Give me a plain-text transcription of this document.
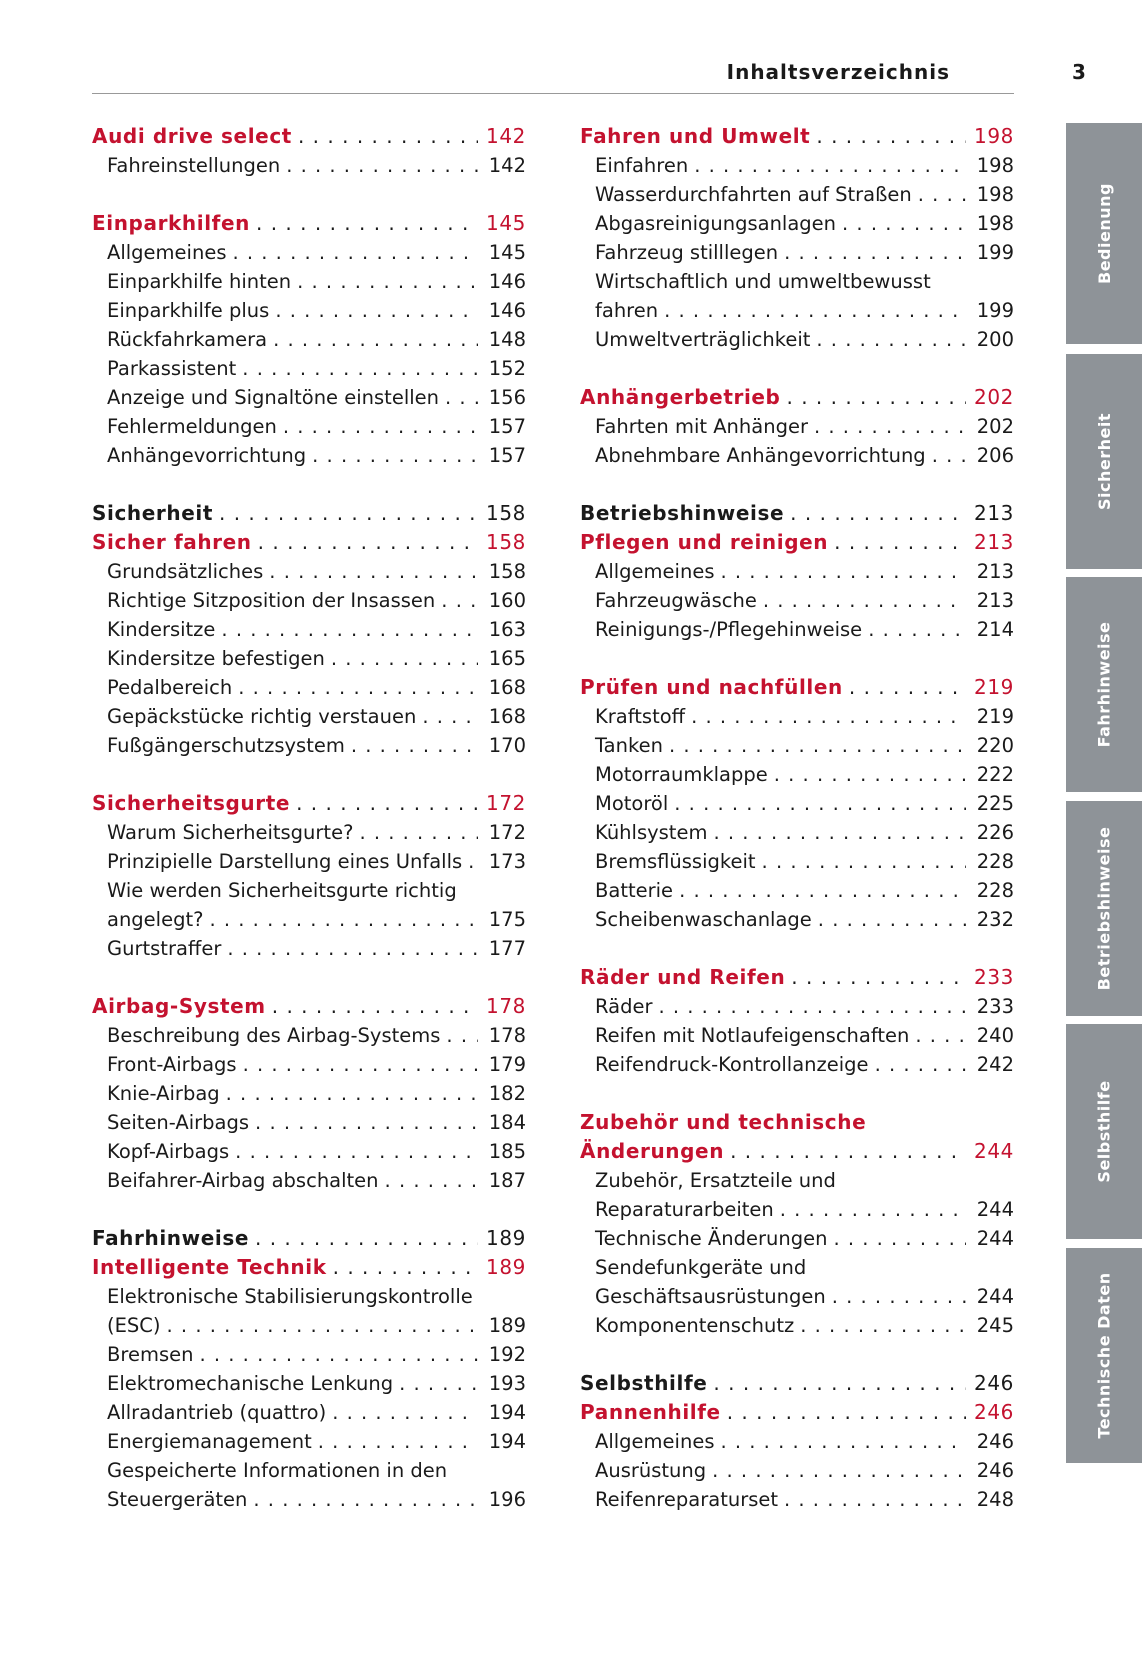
Inhaltsverzeichnis	3
Audi drive select . . .	142
Fahreinstellungen . . .	142
Einparkhilfen . . .	145
Allgemeines . . .	145
Einparkhilfe hinten . . .	146
Einparkhilfe plus . . .	146
Rückfahrkamera . . .	148
Parkassistent . . .	152
Anzeige und Signaltöne einstellen . . .	156
Fehlermeldungen . . .	157
Anhängevorrichtung . . .	157
Sicherheit . . .	158
Sicher fahren . . .	158
Grundsätzliches . . .	158
Richtige Sitzposition der Insassen . . .	160
Kindersitze . . .	163
Kindersitze befestigen . . .	165
Pedalbereich . . .	168
Gepäckstücke richtig verstauen . . .	168
Fußgängerschutzsystem . . .	170
Sicherheitsgurte . . .	172
Warum Sicherheitsgurte? . . .	172
Prinzipielle Darstellung eines Unfalls . . . 173
Wie werden Sicherheitsgurte richtig
angelegt? . . .	175
Gurtstraffer . . .	177
Airbag-System . . .	178
Beschreibung des Airbag-Systems . . . 178
Front-Airbags . . .	179
Knie-Airbag . . .	182
Seiten-Airbags . . .	184
Kopf-Airbags . . .	185
Beifahrer-Airbag abschalten . . .	187
Fahrhinweise . . .	189
Intelligente Technik . . .	189
Elektronische Stabilisierungskontrolle
(ESC) . . .	189
Bremsen . . .	192
Elektromechanische Lenkung . . .	193
Allradantrieb (quattro) . . .	194
Energiemanagement . . .	194
Gespeicherte Informationen in den
Steuergeräten . . .	196
Fahren und Umwelt . . .	198
Einfahren . . .	198
Wasserdurchfahrten auf Straßen . . .	198
Abgasreinigungsanlagen . . .	198
Fahrzeug stilllegen . . .	199
Wirtschaftlich und umweltbewusst
fahren . . .	199
Umweltverträglichkeit . . .	200
Anhängerbetrieb . . .	202
Fahrten mit Anhänger . . .	202
Abnehmbare Anhängevorrichtung . . .	206
Betriebshinweise . . .	213
Pflegen und reinigen . . .	213
Allgemeines . . .	213
Fahrzeugwäsche . . .	213
Reinigungs-/Pflegehinweise . . .	214
Prüfen und nachfüllen . . .	219
Kraftstoff . . .	219
Tanken . . .	220
Motorraumklappe . . .	222
Motoröl . . .	225
Kühlsystem . . .	226
Bremsflüssigkeit . . .	228
Batterie . . .	228
Scheibenwaschanlage . . .	232
Räder und Reifen . . .	233
Räder . . .	233
Reifen mit Notlaufeigenschaften . . .	240
Reifendruck-Kontrollanzeige . . .	242
Zubehör und technische
Änderungen . . .	244
Zubehör, Ersatzteile und
Reparaturarbeiten . . .	244
Technische Änderungen . . .	244
Sendefunkgeräte und
Geschäftsausrüstungen . . .	244
Komponentenschutz . . .	245
Selbsthilfe . . .	246
Pannenhilfe . . .	246
Allgemeines . . .	246
Ausrüstung . . .	246
Reifenreparaturset . . .	248
Bedienung
Sicherheit
Fahrhinweise
Betriebshinweise
Selbsthilfe
Technische Daten
